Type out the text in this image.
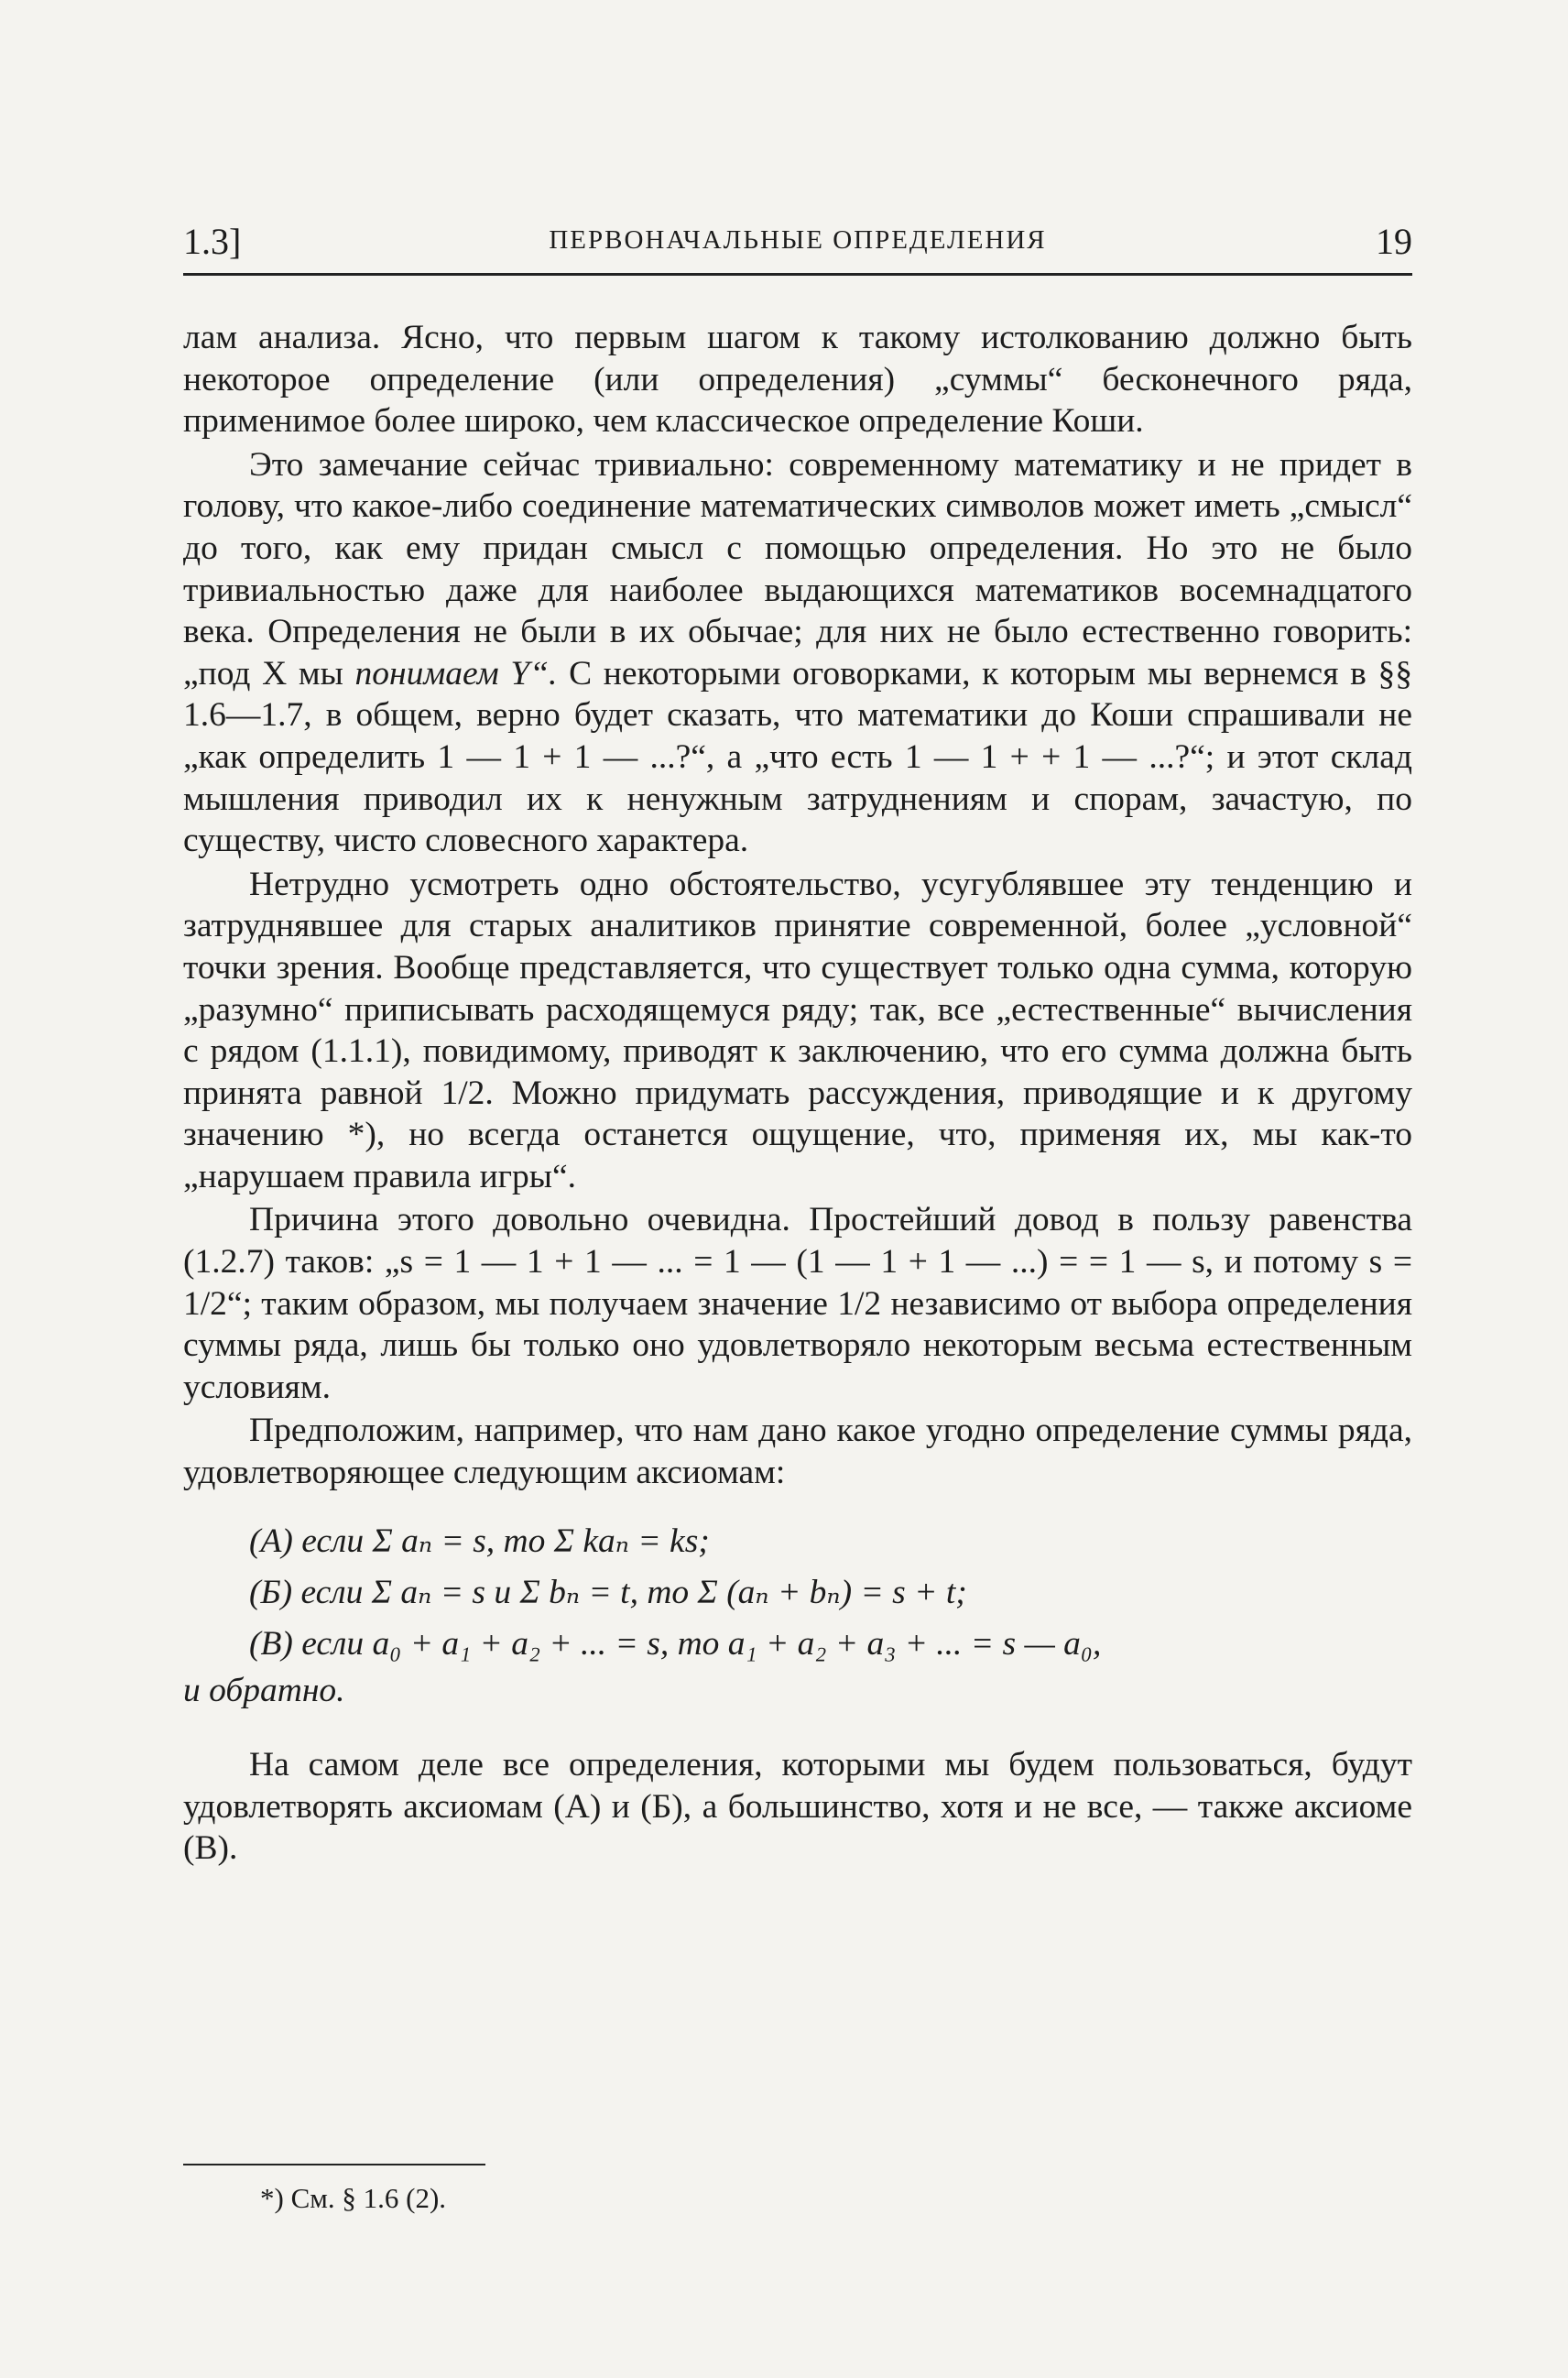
1.3]	ПЕРВОНАЧАЛЬНЫЕ ОПРЕДЕЛЕНИЯ	19

лам анализа. Ясно, что первым шагом к такому истолкованию должно быть некоторое определение (или определения) „суммы“ бесконечного ряда, применимое более широко, чем классическое определение Коши.

Это замечание сейчас тривиально: современному математику и не придет в голову, что какое-либо соединение математических символов может иметь „смысл“ до того, как ему придан смысл с помощью определения. Но это не было тривиальностью даже для наиболее выдающихся математиков восемнадцатого века. Определения не были в их обычае; для них не было естественно говорить: „под X мы понимаем Y“. С некоторыми оговорками, к которым мы вернемся в §§ 1.6—1.7, в общем, верно будет сказать, что математики до Коши спрашивали не „как определить 1 — 1 + 1 — ...?“, а „что есть 1 — 1 + + 1 — ...?“; и этот склад мышления приводил их к ненужным затруднениям и спорам, зачастую, по существу, чисто словесного характера.

Нетрудно усмотреть одно обстоятельство, усугублявшее эту тенденцию и затруднявшее для старых аналитиков принятие современной, более „условной“ точки зрения. Вообще представляется, что существует только одна сумма, которую „разумно“ приписывать расходящемуся ряду; так, все „естественные“ вычисления с рядом (1.1.1), повидимому, приводят к заключению, что его сумма должна быть принята равной 1/2. Можно придумать рассуждения, приводящие и к другому значению *), но всегда останется ощущение, что, применяя их, мы как-то „нарушаем правила игры“.

Причина этого довольно очевидна. Простейший довод в пользу равенства (1.2.7) таков: „s = 1 — 1 + 1 — ... = 1 — (1 — 1 + 1 — ...) = = 1 — s, и потому s = 1/2“; таким образом, мы получаем значение 1/2 независимо от выбора определения суммы ряда, лишь бы только оно удовлетворяло некоторым весьма естественным условиям.

Предположим, например, что нам дано какое угодно определение суммы ряда, удовлетворяющее следующим аксиомам:

(А) если Σ aₙ = s, то Σ kaₙ = ks;
(Б) если Σ aₙ = s и Σ bₙ = t, то Σ (aₙ + bₙ) = s + t;
(В) если a₀ + a₁ + a₂ + ... = s, то a₁ + a₂ + a₃ + ... = s — a₀,

и обратно.

На самом деле все определения, которыми мы будем пользоваться, будут удовлетворять аксиомам (А) и (Б), а большинство, хотя и не все, — также аксиоме (В).

*) См. § 1.6 (2).
